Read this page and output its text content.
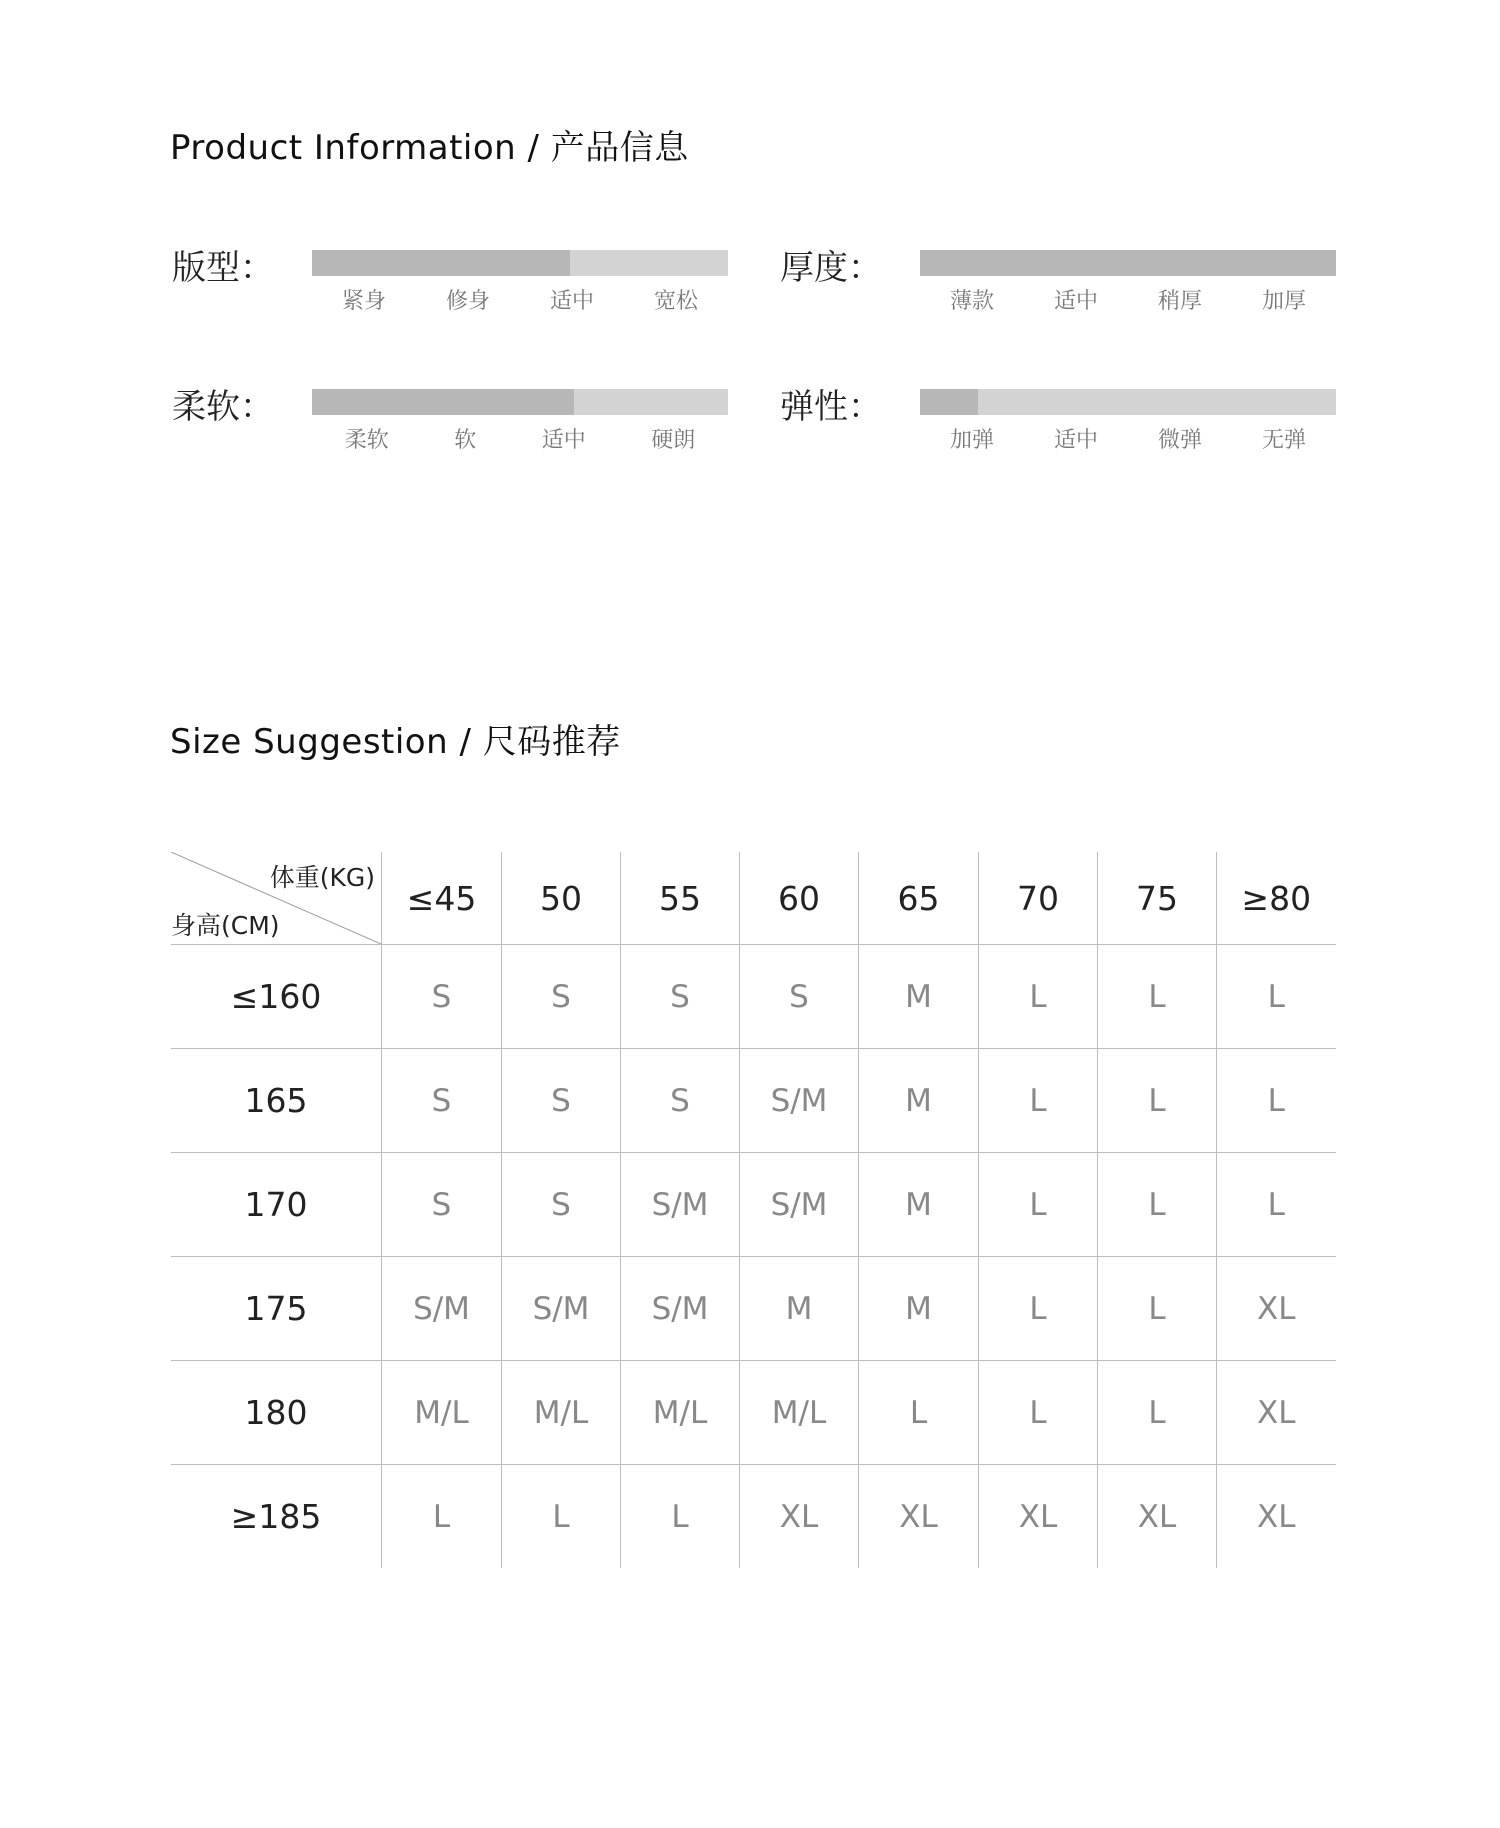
Product Information / 产品信息
版型：
紧身	修身	适中	宽松
厚度：
薄款	适中	稍厚	加厚
柔软：
柔软	软	适中	硬朗
弹性：
加弹	适中	微弹	无弹
Size Suggestion / 尺码推荐
体重(KG)
身高(CM)	≤45	50	55	60	65	70	75	≥80
≤160	S	S	S	S	M	L	L	L
165	S	S	S	S/M	M	L	L	L
170	S	S	S/M	S/M	M	L	L	L
175	S/M	S/M	S/M	M	M	L	L	XL
180	M/L	M/L	M/L	M/L	L	L	L	XL
≥185	L	L	L	XL	XL	XL	XL	XL
